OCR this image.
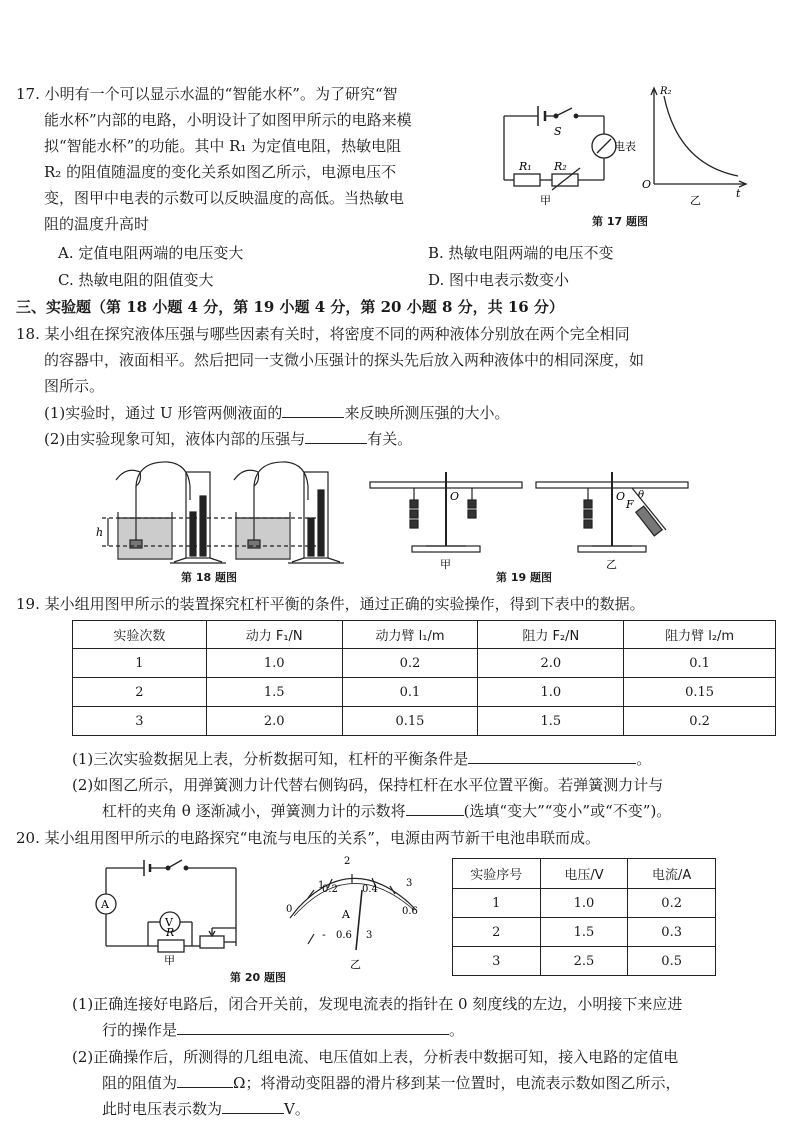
17. 小明有一个可以显示水温的“智能水杯”。为了研究“智
能水杯”内部的电路，小明设计了如图甲所示的电路来模
拟“智能水杯”的功能。其中 R₁ 为定值电阻，热敏电阻
R₂ 的阻值随温度的变化关系如图乙所示，电源电压不
变，图甲中电表的示数可以反映温度的高低。当热敏电
阻的温度升高时
A. 定值电阻两端的电压变大	B. 热敏电阻两端的电压不变
C. 热敏电阻的阻值变大	D. 图中电表示数变小
S
电表
R₁ R₂
甲
R₂
O
t
乙
第 17 题图
三、实验题（第 18 小题 4 分，第 19 小题 4 分，第 20 小题 8 分，共 16 分）
18. 某小组在探究液体压强与哪些因素有关时，将密度不同的两种液体分别放在两个完全相同
的容器中，液面相平。然后把同一支微小压强计的探头先后放入两种液体中的相同深度，如
图所示。
(1)实验时，通过 U 形管两侧液面的	来反映所测压强的大小。
(2)由实验现象可知，液体内部的压强与	有关。
h
第 18 题图
O	O
F
θ
甲	乙
第 19 题图
19. 某小组用图甲所示的装置探究杠杆平衡的条件，通过正确的实验操作，得到下表中的数据。
实验次数	动力 F₁/N	动力臂 l₁/m	阻力 F₂/N	阻力臂 l₂/m
1	1.0	0.2	2.0	0.1
2	1.5	0.1	1.0	0.15
3	2.0	0.15	1.5	0.2
(1)三次实验数据见上表，分析数据可知，杠杆的平衡条件是	。
(2)如图乙所示，用弹簧测力计代替右侧钩码，保持杠杆在水平位置平衡。若弹簧测力计与
杠杆的夹角 θ 逐渐减小，弹簧测力计的示数将	(选填“变大”“变小”或“不变”)。
20. 某小组用图甲所示的电路探究“电流与电压的关系”，电源由两节新干电池串联而成。
A
V
R
甲
0
1
2
0.2 0.4
3
0.6
A
- 0.6 3
乙
第 20 题图
实验序号	电压/V	电流/A
1	1.0	0.2
2	1.5	0.3
3	2.5	0.5
(1)正确连接好电路后，闭合开关前，发现电流表的指针在 0 刻度线的左边，小明接下来应进
行的操作是	。
(2)正确操作后，所测得的几组电流、电压值如上表，分析表中数据可知，接入电路的定值电
阻的阻值为	Ω；将滑动变阻器的滑片移到某一位置时，电流表示数如图乙所示，
此时电压表示数为	V。
